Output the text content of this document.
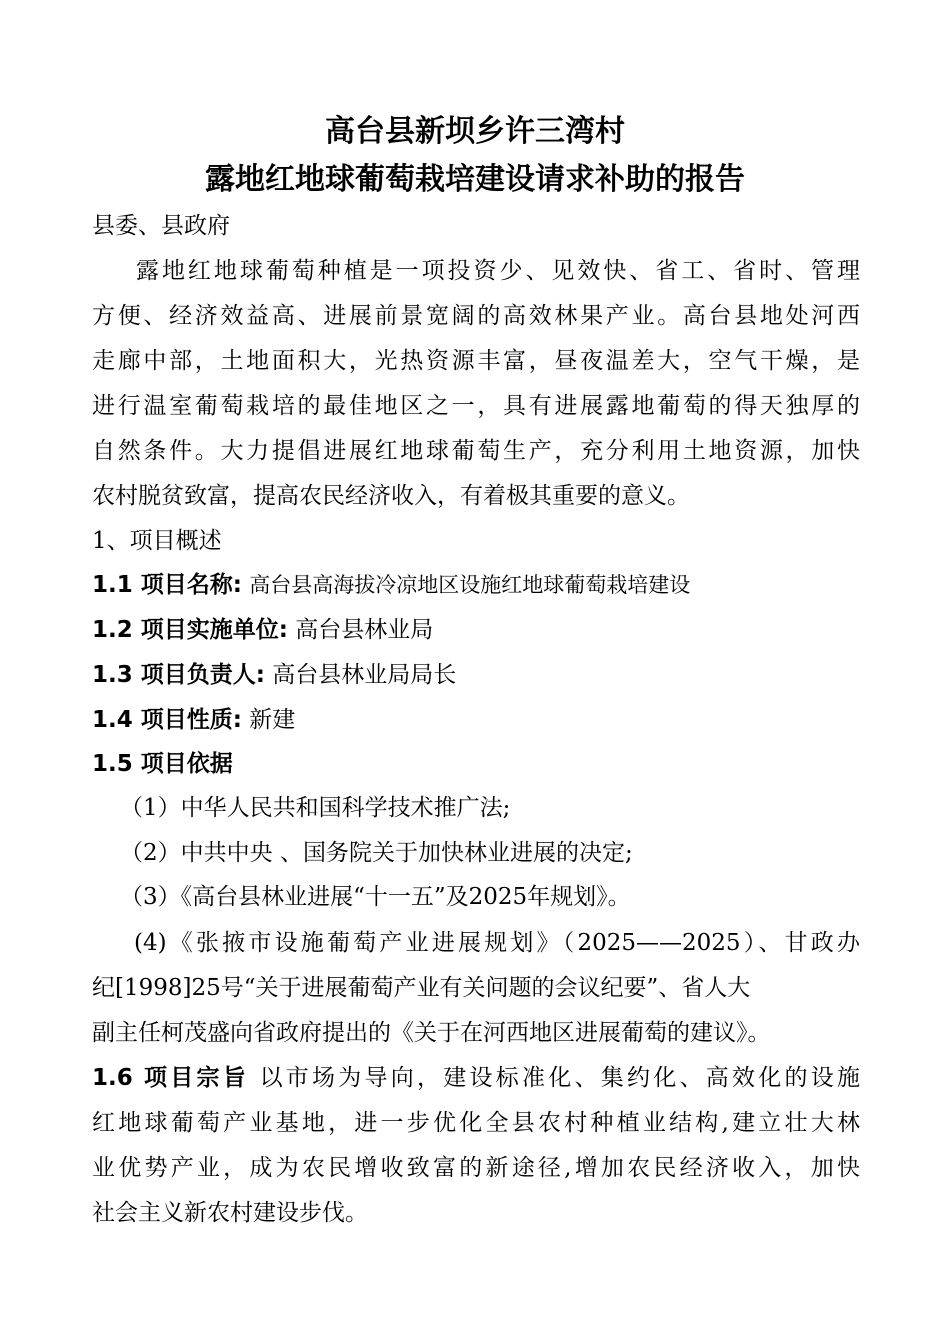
高台县新坝乡许三湾村
露地红地球葡萄栽培建设请求补助的报告
县委、县政府
露地红地球葡萄种植是一项投资少、见效快、省工、省时、管理
方便、经济效益高、进展前景宽阔的高效林果产业。高台县地处河西
走廊中部，土地面积大，光热资源丰富，昼夜温差大，空气干燥，是
进行温室葡萄栽培的最佳地区之一，具有进展露地葡萄的得天独厚的
自然条件。大力提倡进展红地球葡萄生产，充分利用土地资源，加快
农村脱贫致富，提高农民经济收入，有着极其重要的意义。
1、项目概述
1.1 项目名称: 高台县高海拔冷凉地区设施红地球葡萄栽培建设
1.2 项目实施单位: 高台县林业局
1.3 项目负责人: 高台县林业局局长
1.4 项目性质: 新建
1.5 项目依据
（1）中华人民共和国科学技术推广法;
（2）中共中央 、国务院关于加快林业进展的决定;
（3）《高台县林业进展“十一五”及2025年规划》。
(4)《张掖市设施葡萄产业进展规划》（2025——2025）、甘政办
纪[1998]25号“关于进展葡萄产业有关问题的会议纪要”、省人大
副主任柯茂盛向省政府提出的《关于在河西地区进展葡萄的建议》。
1.6 项目宗旨 以市场为导向，建设标准化、集约化、高效化的设施
红地球葡萄产业基地，进一步优化全县农村种植业结构,建立壮大林
业优势产业，成为农民增收致富的新途径,增加农民经济收入，加快
社会主义新农村建设步伐。
